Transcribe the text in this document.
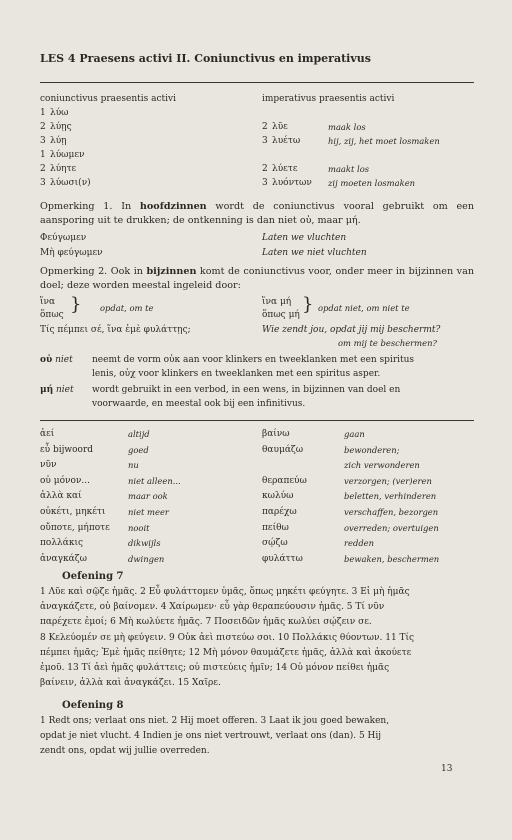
LES 4 Praesens activi II. Coniunctivus en imperativus
coniunctivus praesentis activi	imperativus praesentis activi
1 λύω
2 λύῃς
3 λύῃ
1 λύωμεν
2 λύητε
3 λύωσι(ν)
2 λῦε	maak los
3 λυέτω	hij, zij, het moet losmaken
2 λύετε	maakt los
3 λυόντων zij moeten losmaken
Opmerking 1. In hoofdzinnen wordt de coniunctivus vooral gebruikt om een aansporing uit te drukken; de ontkenning is dan niet οὐ, maar μή.
Φεύγωμεν	Laten we vluchten
Μὴ φεύγωμεν	Laten we niet vluchten
Opmerking 2. Ook in bijzinnen komt de coniunctivus voor, onder meer in bijzinnen van doel; deze worden meestal ingeleid door:
ἵνα
ὅπως } opdat, om te
ἵνα μή
ὅπως μή } opdat niet, om niet te
Τίς πέμπει σέ, ἵνα ἐμὲ φυλάττῃς;	Wie zendt jou, opdat jij mij beschermt?
om mij te beschermen?
οὐ niet neemt de vorm οὐκ aan voor klinkers en tweeklanken met een spiritus
lenis, οὐχ voor klinkers en tweeklanken met een spiritus asper.
μή niet wordt gebruikt in een verbod, in een wens, in bijzinnen van doel en
voorwaarde, en meestal ook bij een infinitivus.
ἀεί	altijd
εὖ bijwoord	goed
νῦν	nu
οὐ μόνον...	niet alleen...
ἀλλὰ καί	maar ook
οὐκέτι, μηκέτι	niet meer
οὔποτε, μήποτε nooit
πολλάκις	dikwijls
ἀναγκάζω	dwingen
βαίνω	gaan
θαυμάζω	bewonderen;
zich verwonderen
θεραπεύω	verzorgen; (ver)eren
κωλύω	beletten, verhinderen
παρέχω	verschaffen, bezorgen
πείθω	overreden; overtuigen
σῴζω	redden
φυλάττω	bewaken, beschermen
Oefening 7
1 Λῦε καὶ σῷζε ἡμᾶς. 2 Εὖ φυλάττομεν ὑμᾶς, ὅπως μηκέτι φεύγητε. 3 Εἰ μὴ ἡμᾶς
ἀναγκάζετε, οὐ βαίνομεν. 4 Χαίρωμεν· εὖ γὰρ θεραπεύουσιν ἡμᾶς. 5 Τί νῦν
παρέχετε ἐμοί; 6 Μὴ κωλύετε ἡμᾶς. 7 Ποσειδῶν ἡμᾶς κωλύει σῴζειν σε.
8 Κελεύομέν σε μὴ φεύγειν. 9 Οὐκ ἀεὶ πιστεύω σοι. 10 Πολλάκις θύοντων. 11 Τίς
πέμπει ἡμᾶς; Ἐμὲ ἡμᾶς πείθητε; 12 Μὴ μόνον θαυμάζετε ἡμᾶς, ἀλλὰ καὶ ἀκούετε
ἐμοῦ. 13 Τί ἀεὶ ἡμᾶς φυλάττεις; οὐ πιστεύεις ἡμῖν; 14 Οὐ μόνον πείθει ἡμᾶς
βαίνειν, ἀλλὰ καὶ ἀναγκάζει. 15 Χαῖρε.
Oefening 8
1 Redt ons; verlaat ons niet. 2 Hij moet offeren. 3 Laat ik jou goed bewaken,
opdat je niet vlucht. 4 Indien je ons niet vertrouwt, verlaat ons (dan). 5 Hij
zendt ons, opdat wij jullie overreden.
13
